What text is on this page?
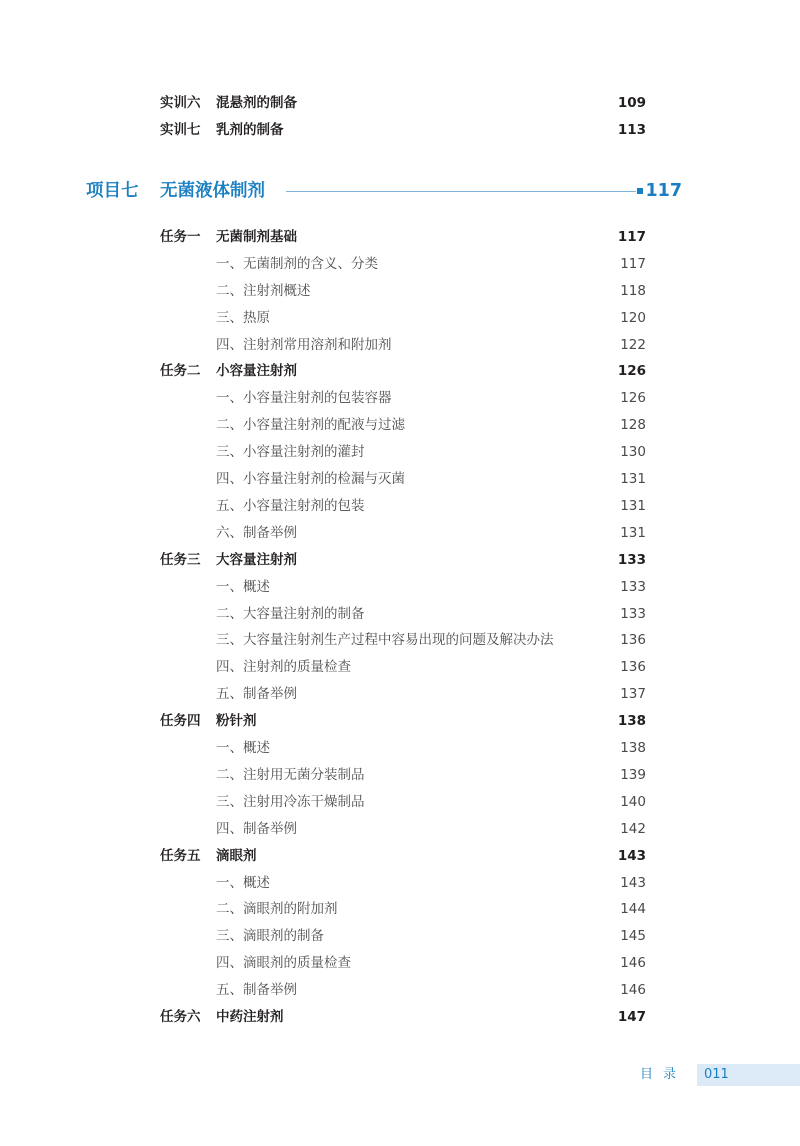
实训六 混悬剂的制备	109
实训七 乳剂的制备	113
任务一 无菌制剂基础	117
一、无菌制剂的含义、分类	117
二、注射剂概述	118
三、热原	120
四、注射剂常用溶剂和附加剂	122
任务二 小容量注射剂	126
一、小容量注射剂的包装容器	126
二、小容量注射剂的配液与过滤	128
三、小容量注射剂的灌封	130
四、小容量注射剂的检漏与灭菌	131
五、小容量注射剂的包装	131
六、制备举例	131
任务三 大容量注射剂	133
一、概述	133
二、大容量注射剂的制备	133
三、大容量注射剂生产过程中容易出现的问题及解决办法	136
四、注射剂的质量检查	136
五、制备举例	137
任务四 粉针剂	138
一、概述	138
二、注射用无菌分装制品	139
三、注射用冷冻干燥制品	140
四、制备举例	142
任务五 滴眼剂	143
一、概述	143
二、滴眼剂的附加剂	144
三、滴眼剂的制备	145
四、滴眼剂的质量检查	146
五、制备举例	146
任务六 中药注射剂	147
项目七 无菌液体制剂	117
目录 011
